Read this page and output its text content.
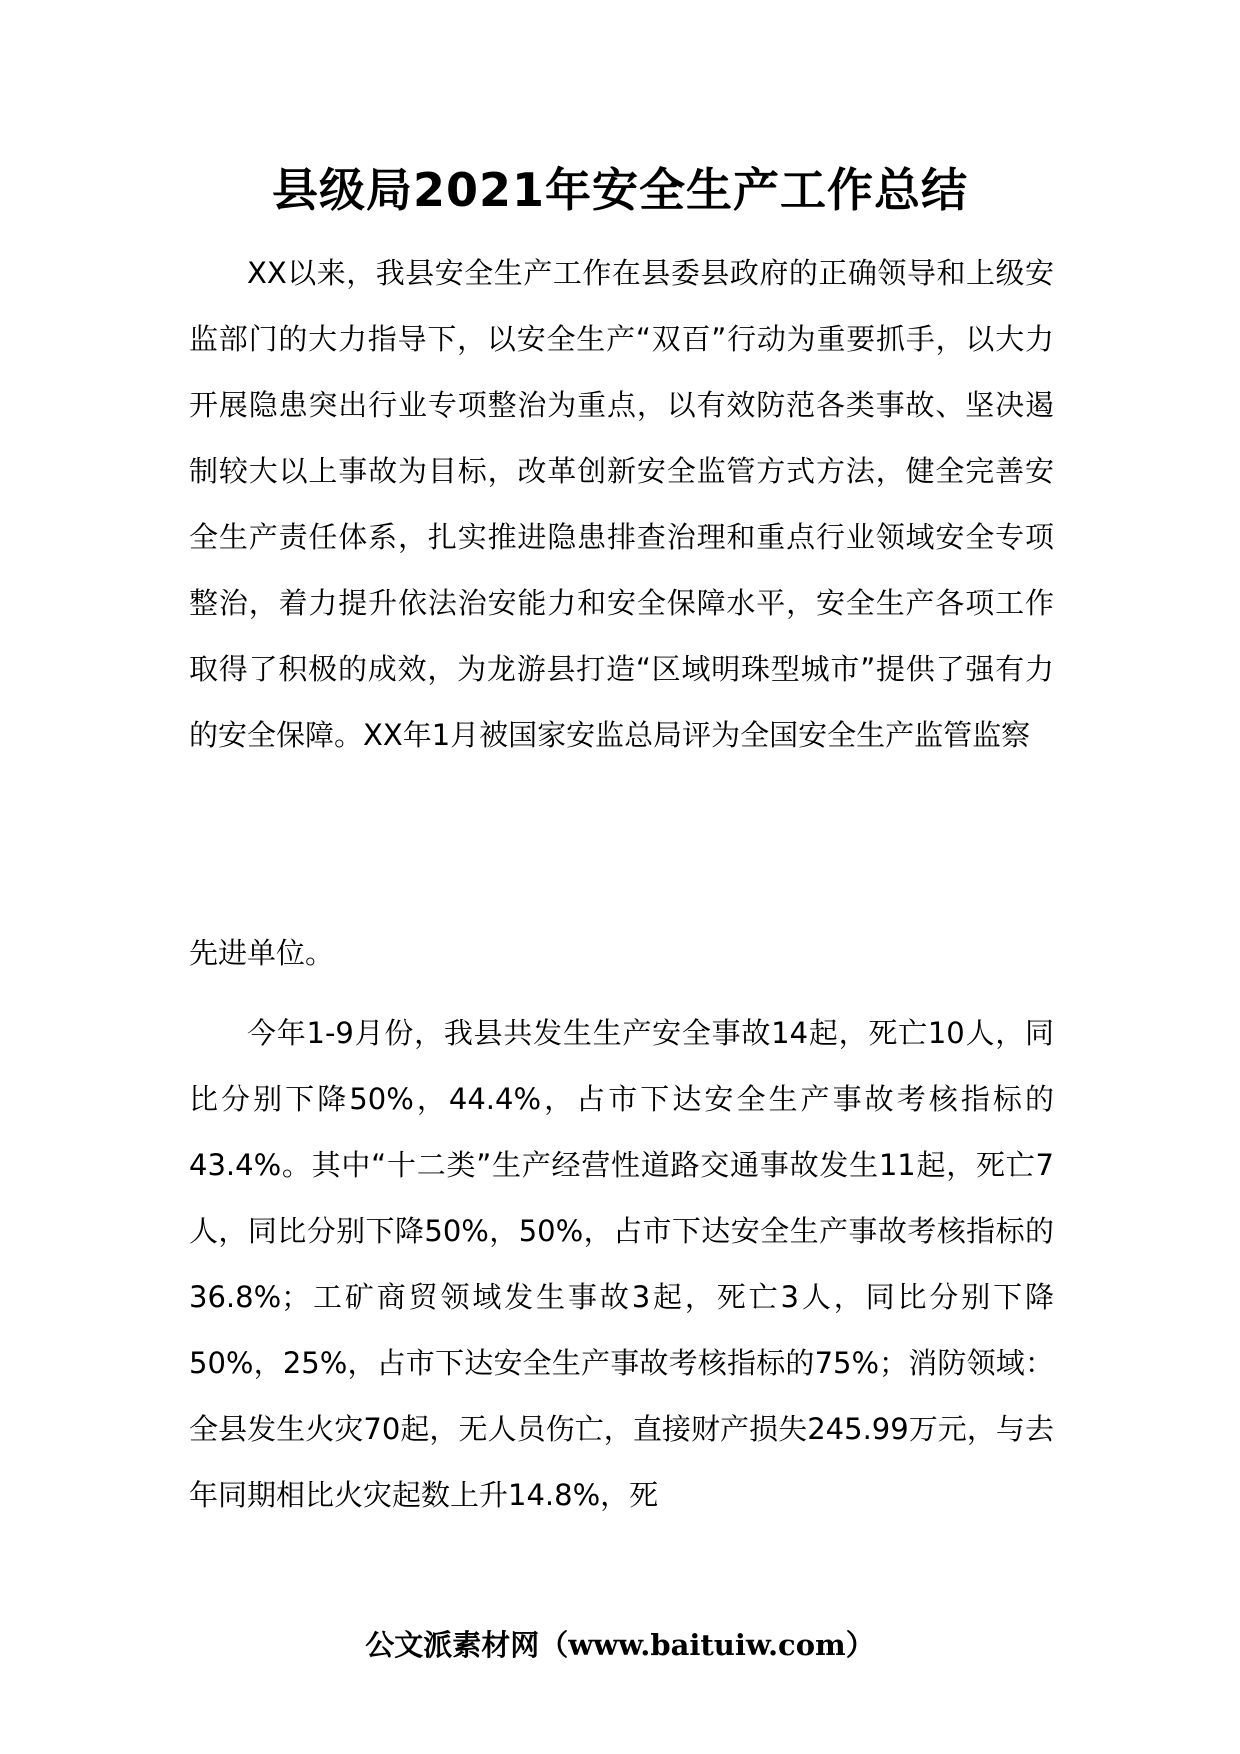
县级局2021年安全生产工作总结

XX以来，我县安全生产工作在县委县政府的正确领导和上级安监部门的大力指导下，以安全生产“双百”行动为重要抓手，以大力开展隐患突出行业专项整治为重点，以有效防范各类事故、坚决遏制较大以上事故为目标，改革创新安全监管方式方法，健全完善安全生产责任体系，扎实推进隐患排查治理和重点行业领域安全专项整治，着力提升依法治安能力和安全保障水平，安全生产各项工作取得了积极的成效，为龙游县打造“区域明珠型城市”提供了强有力的安全保障。XX年1月被国家安监总局评为全国安全生产监管监察

先进单位。

今年1-9月份，我县共发生生产安全事故14起，死亡10人，同比分别下降50%，44.4%，占市下达安全生产事故考核指标的43.4%。其中“十二类”生产经营性道路交通事故发生11起，死亡7人，同比分别下降50%，50%，占市下达安全生产事故考核指标的36.8%；工矿商贸领域发生事故3起，死亡3人，同比分别下降50%，25%，占市下达安全生产事故考核指标的75%；消防领域：全县发生火灾70起，无人员伤亡，直接财产损失245.99万元，与去年同期相比火灾起数上升14.8%，死

公文派素材网（www.baituiw.com）
